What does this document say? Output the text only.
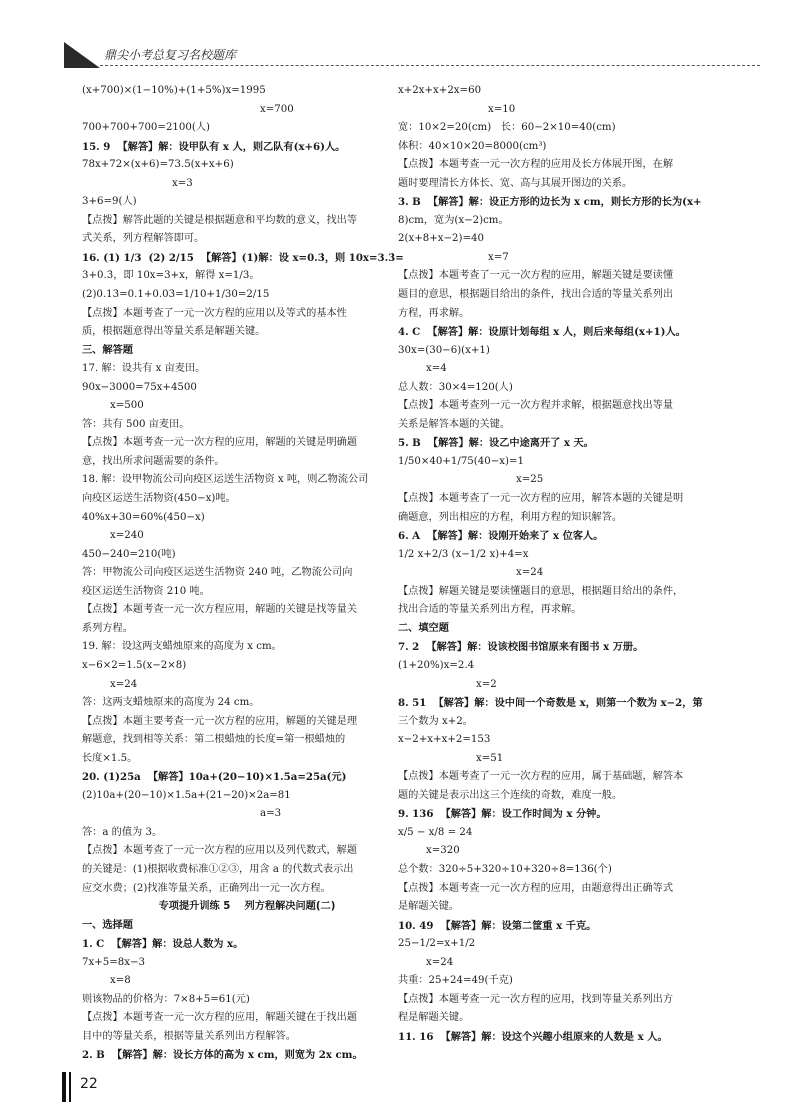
鼎尖小考总复习名校题库
(x+700)×(1−10%)+(1+5%)x=1995
x=700
700+700+700=2100(人)
15. 9  【解答】解：设甲队有 x 人，则乙队有(x+6)人。
78x+72×(x+6)=73.5(x+x+6)
x=3
3+6=9(人)
【点拨】解答此题的关键是根据题意和平均数的意义，找出等
式关系，列方程解答即可。
16. (1) 1/3  (2) 2/15  【解答】(1)解：设 x=0.3̇，则 10x=3.3̇=
3+0.3̇，即 10x=3+x，解得 x=1/3。
(2)0.13̇=0.1+0.03̇=1/10+1/30=2/15
【点拨】本题考查了一元一次方程的应用以及等式的基本性
质，根据题意得出等量关系是解题关键。
三、解答题
17. 解：设共有 x 亩麦田。
90x−3000=75x+4500
x=500
答：共有 500 亩麦田。
【点拨】本题考查一元一次方程的应用，解题的关键是明确题
意，找出所求问题需要的条件。
18. 解：设甲物流公司向疫区运送生活物资 x 吨，则乙物流公司
向疫区运送生活物资(450−x)吨。
40%x+30=60%(450−x)
x=240
450−240=210(吨)
答：甲物流公司向疫区运送生活物资 240 吨，乙物流公司向
疫区运送生活物资 210 吨。
【点拨】本题考查一元一次方程应用，解题的关键是找等量关
系列方程。
19. 解：设这两支蜡烛原来的高度为 x cm。
x−6×2=1.5(x−2×8)
x=24
答：这两支蜡烛原来的高度为 24 cm。
【点拨】本题主要考查一元一次方程的应用，解题的关键是理
解题意，找到相等关系：第二根蜡烛的长度=第一根蜡烛的
长度×1.5。
20. (1)25a  【解答】10a+(20−10)×1.5a=25a(元)
(2)10a+(20−10)×1.5a+(21−20)×2a=81
a=3
答：a 的值为 3。
【点拨】本题考查了一元一次方程的应用以及列代数式，解题
的关键是：(1)根据收费标准①②③，用含 a 的代数式表示出
应交水费；(2)找准等量关系，正确列出一元一次方程。
专项提升训练 5    列方程解决问题(二)
一、选择题
1. C  【解答】解：设总人数为 x。
7x+5=8x−3
x=8
则该物品的价格为：7×8+5=61(元)
【点拨】本题考查一元一次方程的应用，解题关键在于找出题
目中的等量关系，根据等量关系列出方程解答。
2. B  【解答】解：设长方体的高为 x cm，则宽为 2x cm。
x+2x+x+2x=60
x=10
宽：10×2=20(cm)   长：60−2×10=40(cm)
体积：40×10×20=8000(cm³)
【点拨】本题考查一元一次方程的应用及长方体展开图，在解
题时要理清长方体长、宽、高与其展开图边的关系。
3. B  【解答】解：设正方形的边长为 x cm，则长方形的长为(x+
8)cm，宽为(x−2)cm。
2(x+8+x−2)=40
x=7
【点拨】本题考查了一元一次方程的应用，解题关键是要读懂
题目的意思，根据题目给出的条件，找出合适的等量关系列出
方程，再求解。
4. C  【解答】解：设原计划每组 x 人，则后来每组(x+1)人。
30x=(30−6)(x+1)
x=4
总人数：30×4=120(人)
【点拨】本题考查列一元一次方程并求解，根据题意找出等量
关系是解答本题的关键。
5. B  【解答】解：设乙中途离开了 x 天。
1/50×40+1/75(40−x)=1
x=25
【点拨】本题考查了一元一次方程的应用，解答本题的关键是明
确题意，列出相应的方程，利用方程的知识解答。
6. A  【解答】解：设刚开始来了 x 位客人。
1/2 x+2/3 (x−1/2 x)+4=x
x=24
【点拨】解题关键是要读懂题目的意思，根据题目给出的条件，
找出合适的等量关系列出方程，再求解。
二、填空题
7. 2  【解答】解：设该校图书馆原来有图书 x 万册。
(1+20%)x=2.4
x=2
8. 51  【解答】解：设中间一个奇数是 x，则第一个数为 x−2，第
三个数为 x+2。
x−2+x+x+2=153
x=51
【点拨】本题考查了一元一次方程的应用，属于基础题，解答本
题的关键是表示出这三个连续的奇数，难度一般。
9. 136  【解答】解：设工作时间为 x 分钟。
x/5 − x/8 = 24
x=320
总个数：320÷5+320÷10+320÷8=136(个)
【点拨】本题考查一元一次方程的应用，由题意得出正确等式
是解题关键。
10. 49  【解答】解：设第二筐重 x 千克。
25−1/2=x+1/2
x=24
共重：25+24=49(千克)
【点拨】本题考查一元一次方程的应用，找到等量关系列出方
程是解题关键。
11. 16  【解答】解：设这个兴趣小组原来的人数是 x 人。
22
